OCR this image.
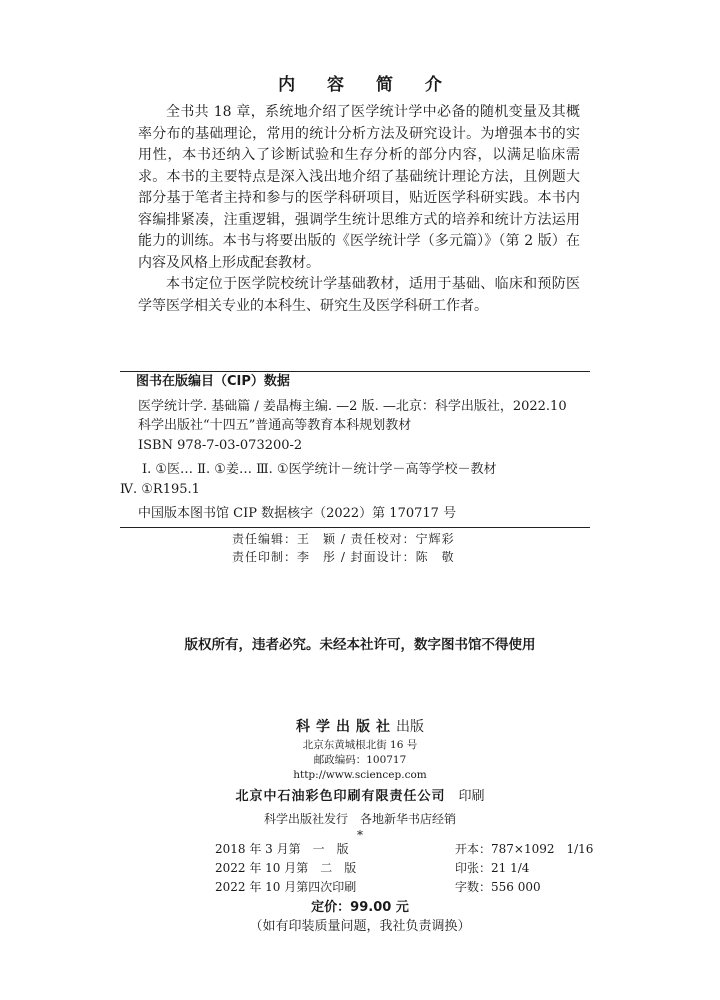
内 容 简 介

全书共 18 章，系统地介绍了医学统计学中必备的随机变量及其概率分布的基础理论，常用的统计分析方法及研究设计。为增强本书的实用性，本书还纳入了诊断试验和生存分析的部分内容，以满足临床需求。本书的主要特点是深入浅出地介绍了基础统计理论方法，且例题大部分基于笔者主持和参与的医学科研项目，贴近医学科研实践。本书内容编排紧凑，注重逻辑，强调学生统计思维方式的培养和统计方法运用能力的训练。本书与将要出版的《医学统计学（多元篇）》（第 2 版）在内容及风格上形成配套教材。

本书定位于医学院校统计学基础教材，适用于基础、临床和预防医学等医学相关专业的本科生、研究生及医学科研工作者。

图书在版编目（CIP）数据
医学统计学. 基础篇 / 姜晶梅主编. —2 版. —北京：科学出版社，2022.10
科学出版社“十四五”普通高等教育本科规划教材
ISBN 978-7-03-073200-2
Ⅰ. ①医… Ⅱ. ①姜… Ⅲ. ①医学统计－统计学－高等学校－教材
Ⅳ. ①R195.1
中国版本图书馆 CIP 数据核字（2022）第 170717 号
责任编辑：王　颖 / 责任校对：宁辉彩
责任印制：李　彤 / 封面设计：陈　敬
版权所有，违者必究。未经本社许可，数字图书馆不得使用
科学出版社出版
北京东黄城根北街 16 号
邮政编码：100717
http://www.sciencep.com
北京中石油彩色印刷有限责任公司　 印刷
科学出版社发行　各地新华书店经销
*
2018 年 3 月第　一　版	开本：787×1092　1/16
2022 年 10 月第　二　版	印张：21 1/4
2022 年 10 月第四次印刷	字数：556 000
定价：99.00 元
（如有印装质量问题，我社负责调换）
